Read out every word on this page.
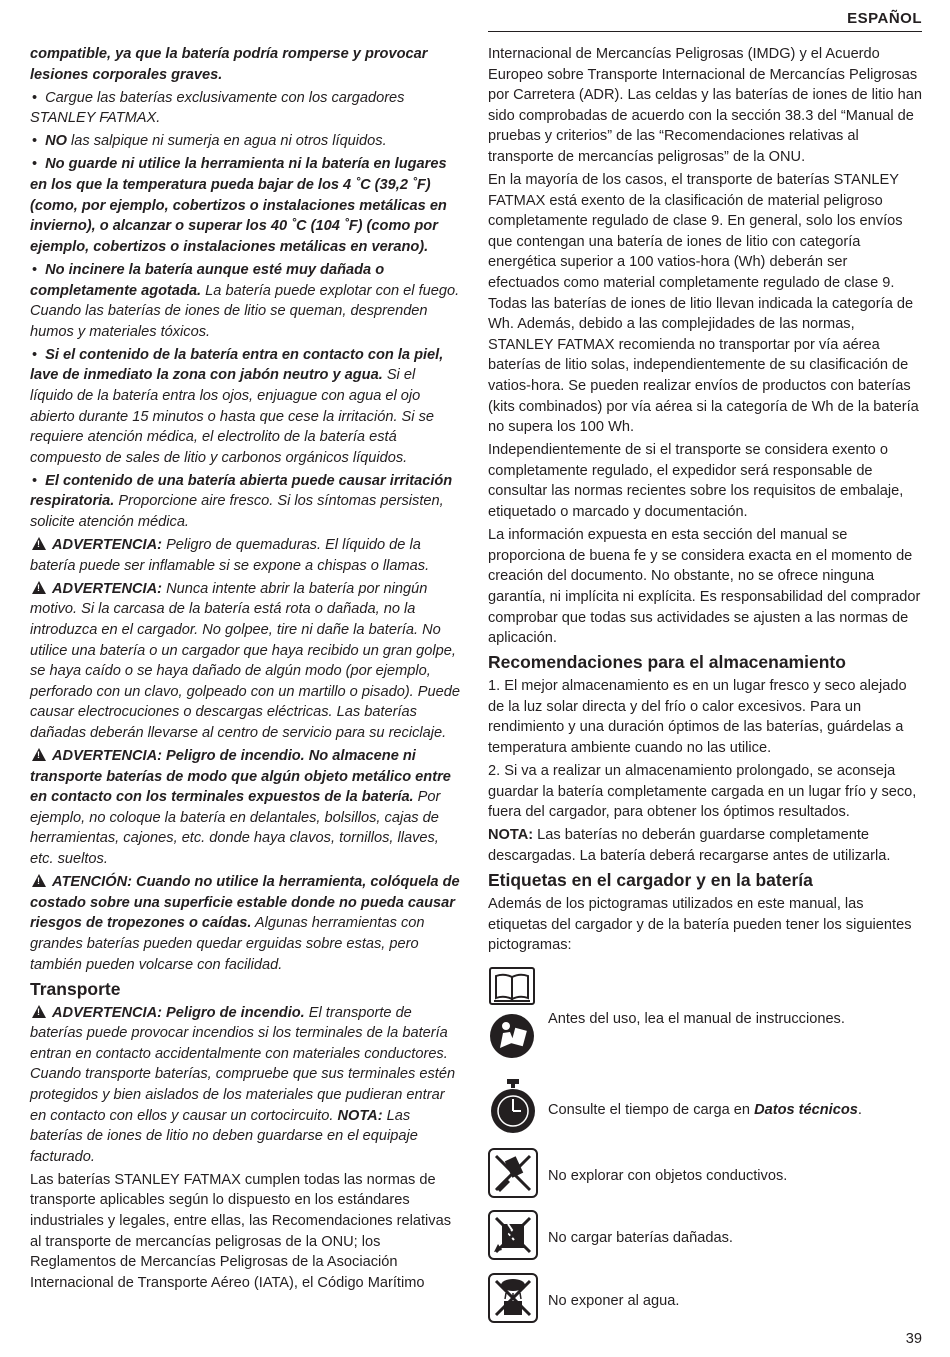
ESPAÑOL

compatible, ya que la batería podría romperse y provocar lesiones corporales graves.

• Cargue las baterías exclusivamente con los cargadores STANLEY FATMAX.

• NO las salpique ni sumerja en agua ni otros líquidos.

• No guarde ni utilice la herramienta ni la batería en lugares en los que la temperatura pueda bajar de los 4 ˚C (39,2 ˚F) (como, por ejemplo, cobertizos o instalaciones metálicas en invierno), o alcanzar o superar los 40 ˚C (104 ˚F) (como por ejemplo, cobertizos o instalaciones metálicas en verano).

• No incinere la batería aunque esté muy dañada o completamente agotada. La batería puede explotar con el fuego. Cuando las baterías de iones de litio se queman, desprenden humos y materiales tóxicos.

• Si el contenido de la batería entra en contacto con la piel, lave de inmediato la zona con jabón neutro y agua. Si el líquido de la batería entra los ojos, enjuague con agua el ojo abierto durante 15 minutos o hasta que cese la irritación. Si se requiere atención médica, el electrolito de la batería está compuesto de sales de litio y carbonos orgánicos líquidos.

• El contenido de una batería abierta puede causar irritación respiratoria. Proporcione aire fresco. Si los síntomas persisten, solicite atención médica.

!ADVERTENCIA: Peligro de quemaduras. El líquido de la batería puede ser inflamable si se expone a chispas o llamas.

!ADVERTENCIA: Nunca intente abrir la batería por ningún motivo. Si la carcasa de la batería está rota o dañada, no la introduzca en el cargador. No golpee, tire ni dañe la batería. No utilice una batería o un cargador que haya recibido un gran golpe, se haya caído o se haya dañado de algún modo (por ejemplo, perforado con un clavo, golpeado con un martillo o pisado). Puede causar electrocuciones o descargas eléctricas. Las baterías dañadas deberán llevarse al centro de servicio para su reciclaje.

!ADVERTENCIA: Peligro de incendio. No almacene ni transporte baterías de modo que algún objeto metálico entre en contacto con los terminales expuestos de la batería. Por ejemplo, no coloque la batería en delantales, bolsillos, cajas de herramientas, cajones, etc. donde haya clavos, tornillos, llaves, etc. sueltos.

!ATENCIÓN: Cuando no utilice la herramienta, colóquela de costado sobre una superficie estable donde no pueda causar riesgos de tropezones o caídas. Algunas herramientas con grandes baterías pueden quedar erguidas sobre estas, pero también pueden volcarse con facilidad.

Transporte

!ADVERTENCIA: Peligro de incendio. El transporte de baterías puede provocar incendios si los terminales de la batería entran en contacto accidentalmente con materiales conductores. Cuando transporte baterías, compruebe que sus terminales estén protegidos y bien aislados de los materiales que pudieran entrar en contacto con ellos y causar un cortocircuito. NOTA: Las baterías de iones de litio no deben guardarse en el equipaje facturado.

Las baterías STANLEY FATMAX cumplen todas las normas de transporte aplicables según lo dispuesto en los estándares industriales y legales, entre ellas, las Recomendaciones relativas al transporte de mercancías peligrosas de la ONU; los Reglamentos de Mercancías Peligrosas de la Asociación Internacional de Transporte Aéreo (IATA), el Código Marítimo

Internacional de Mercancías Peligrosas (IMDG) y el Acuerdo Europeo sobre Transporte Internacional de Mercancías Peligrosas por Carretera (ADR). Las celdas y las baterías de iones de litio han sido comprobadas de acuerdo con la sección 38.3 del “Manual de pruebas y criterios” de las “Recomendaciones relativas al transporte de mercancías peligrosas” de la ONU.

En la mayoría de los casos, el transporte de baterías STANLEY FATMAX está exento de la clasificación de material peligroso completamente regulado de clase 9. En general, solo los envíos que contengan una batería de iones de litio con categoría energética superior a 100 vatios-hora (Wh) deberán ser efectuados como material completamente regulado de clase 9. Todas las baterías de iones de litio llevan indicada la categoría de Wh. Además, debido a las complejidades de las normas, STANLEY FATMAX recomienda no transportar por vía aérea baterías de litio solas, independientemente de su clasificación de vatios-hora. Se pueden realizar envíos de productos con baterías (kits combinados) por vía aérea si la categoría de Wh de la batería no supera los 100 Wh.

Independientemente de si el transporte se considera exento o completamente regulado, el expedidor será responsable de consultar las normas recientes sobre los requisitos de embalaje, etiquetado o marcado y documentación.

La información expuesta en esta sección del manual se proporciona de buena fe y se considera exacta en el momento de creación del documento. No obstante, no se ofrece ninguna garantía, ni implícita ni explícita. Es responsabilidad del comprador comprobar que todas sus actividades se ajusten a las normas de aplicación.

Recomendaciones para el almacenamiento

1. El mejor almacenamiento es en un lugar fresco y seco alejado de la luz solar directa y del frío o calor excesivos. Para un rendimiento y una duración óptimos de las baterías, guárdelas a temperatura ambiente cuando no las utilice.

2. Si va a realizar un almacenamiento prolongado, se aconseja guardar la batería completamente cargada en un lugar frío y seco, fuera del cargador, para obtener los óptimos resultados.

NOTA: Las baterías no deberán guardarse completamente descargadas. La batería deberá recargarse antes de utilizarla.

Etiquetas en el cargador y en la batería

Además de los pictogramas utilizados en este manual, las etiquetas del cargador y de la batería pueden tener los siguientes pictogramas:

Antes del uso, lea el manual de instrucciones.
Consulte el tiempo de carga en Datos técnicos.
No explorar con objetos conductivos.
No cargar baterías dañadas.
No exponer al agua.
39
